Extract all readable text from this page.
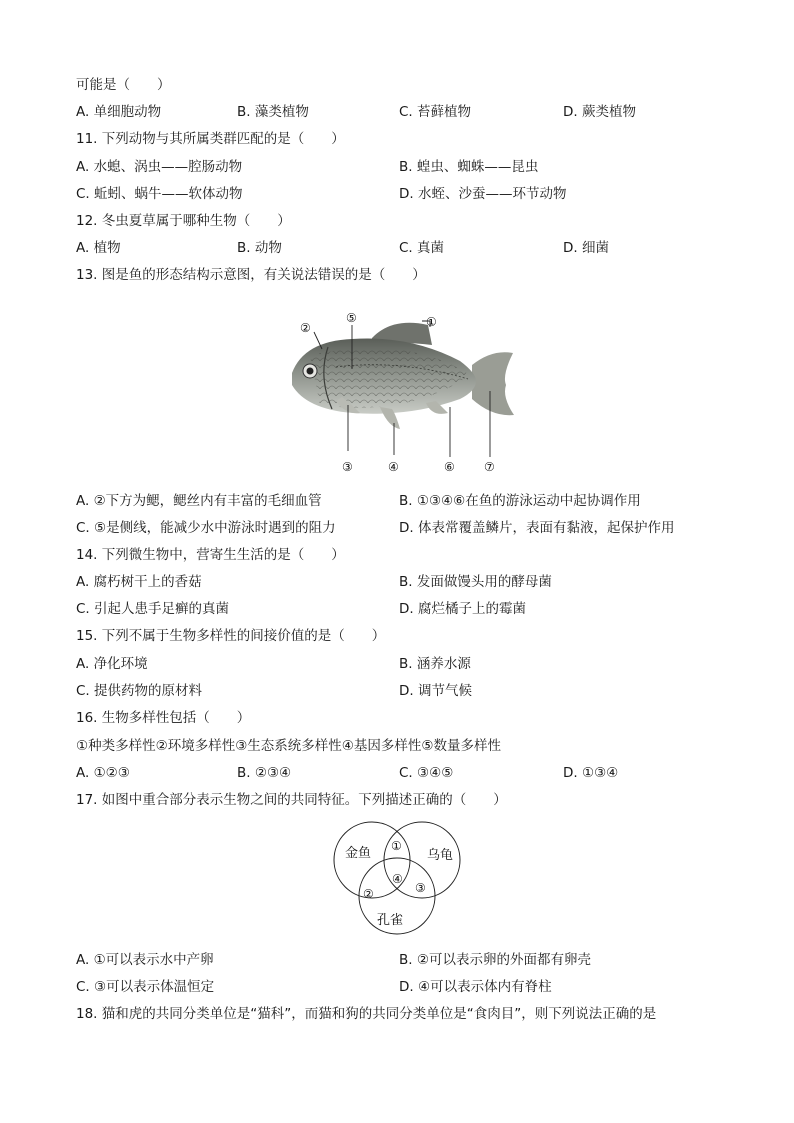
可能是（　　）
A. 单细胞动物	B. 藻类植物	C. 苔藓植物	D. 蕨类植物
11. 下列动物与其所属类群匹配的是（　　）
A. 水螅、涡虫——腔肠动物	B. 蝗虫、蜘蛛——昆虫
C. 蚯蚓、蜗牛——软体动物	D. 水蛭、沙蚕——环节动物
12. 冬虫夏草属于哪种生物（　　）
A. 植物	B. 动物	C. 真菌	D. 细菌
13. 图是鱼的形态结构示意图，有关说法错误的是（　　）
①
②
③	④
⑤
⑥ ⑦
A. ②下方为鳃，鳃丝内有丰富的毛细血管	B. ①③④⑥在鱼的游泳运动中起协调作用
C. ⑤是侧线，能减少水中游泳时遇到的阻力	D. 体表常覆盖鳞片，表面有黏液，起保护作用
14. 下列微生物中，营寄生生活的是（　　）
A. 腐朽树干上的香菇	B. 发面做馒头用的酵母菌
C. 引起人患手足癣的真菌	D. 腐烂橘子上的霉菌
15. 下列不属于生物多样性的间接价值的是（　　）
A. 净化环境	B. 涵养水源
C. 提供药物的原材料	D. 调节气候
16. 生物多样性包括（　　）
①种类多样性②环境多样性③生态系统多样性④基因多样性⑤数量多样性
A. ①②③	B. ②③④	C. ③④⑤	D. ①③④
17. 如图中重合部分表示生物之间的共同特征。下列描述正确的（　　）
金鱼	乌龟
孔雀
①
②	③
④
A. ①可以表示水中产卵	B. ②可以表示卵的外面都有卵壳
C. ③可以表示体温恒定	D. ④可以表示体内有脊柱
18. 猫和虎的共同分类单位是“猫科”，而猫和狗的共同分类单位是“食肉目”，则下列说法正确的是
